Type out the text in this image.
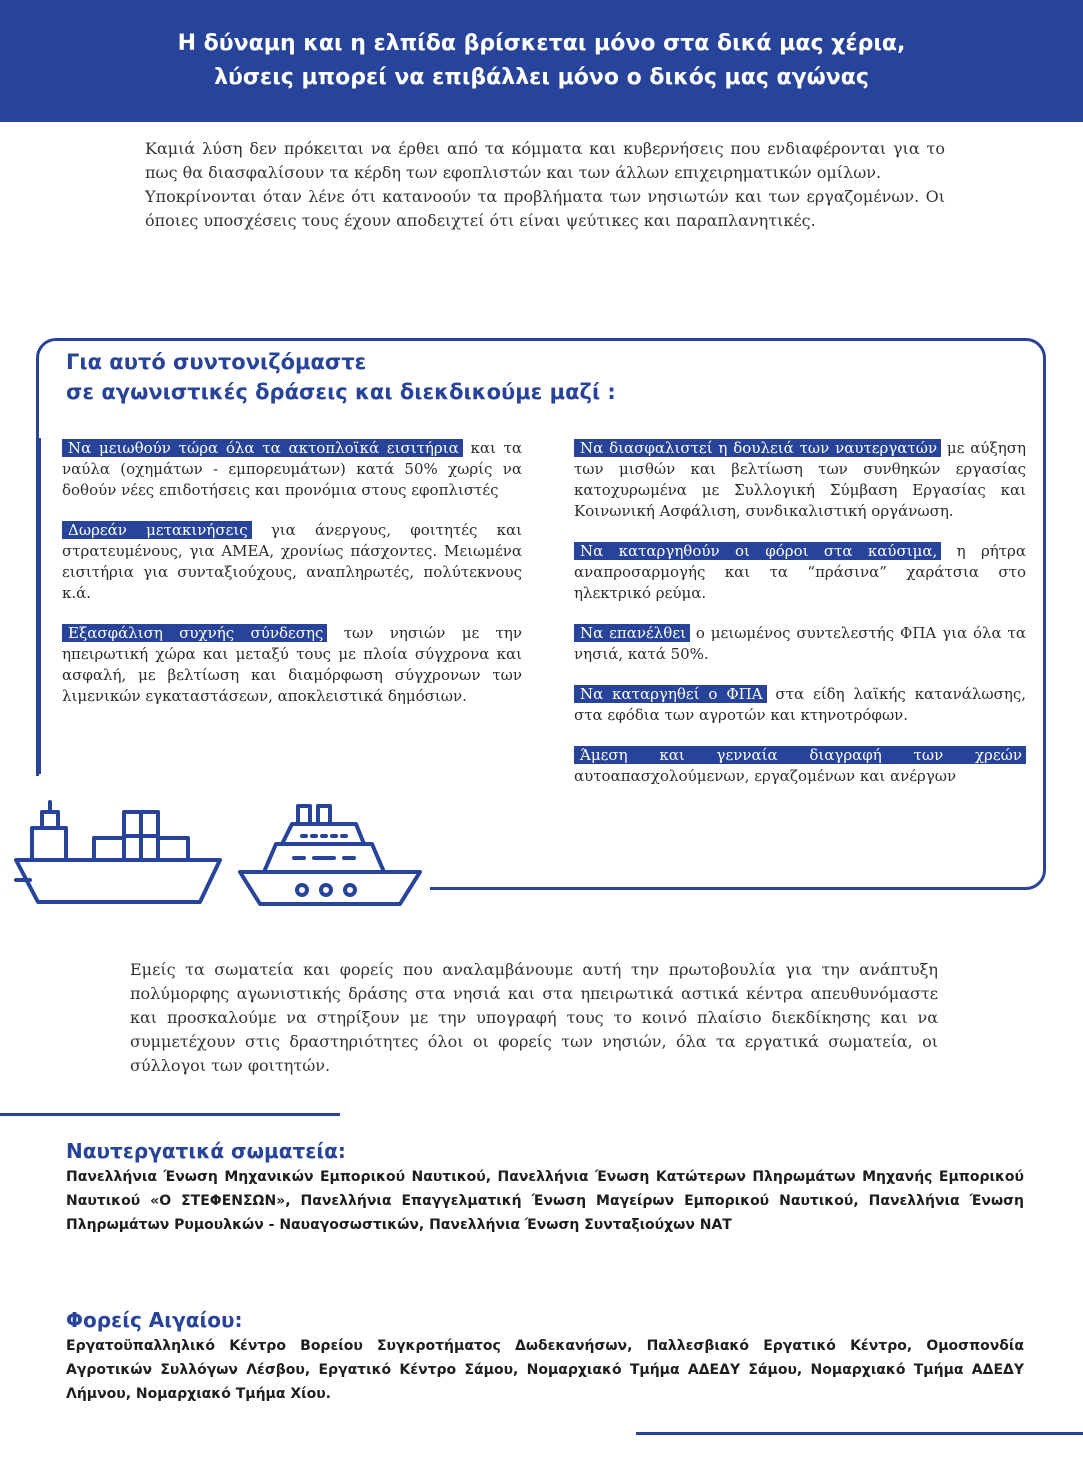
Η δύναμη και η ελπίδα βρίσκεται μόνο στα δικά μας χέρια,
λύσεις μπορεί να επιβάλλει μόνο ο δικός μας αγώνας

Καμιά λύση δεν πρόκειται να έρθει από τα κόμματα και κυβερνήσεις που ενδιαφέρονται για το πως θα διασφαλίσουν τα κέρδη των εφοπλιστών και των άλλων επιχειρηματικών ομίλων.

Υποκρίνονται όταν λένε ότι κατανοούν τα προβλήματα των νησιωτών και των εργαζομένων. Οι όποιες υποσχέσεις τους έχουν αποδειχτεί ότι είναι ψεύτικες και παραπλανητικές.

Για αυτό συντονιζόμαστε
σε αγωνιστικές δράσεις και διεκδικούμε μαζί :

Να μειωθούν τώρα όλα τα ακτοπλοϊκά εισιτήρια και τα ναύλα (οχημάτων - εμπορευμάτων) κατά 50% χωρίς να δοθούν νέες επιδοτήσεις και προνόμια στους εφοπλιστές

Δωρεάν μετακινήσεις για άνεργους, φοιτητές και στρατευμένους, για ΑΜΕΑ, χρονίως πάσχοντες. Μειωμένα εισιτήρια για συνταξιούχους, αναπληρωτές, πολύτεκνους κ.ά.

Εξασφάλιση συχνής σύνδεσης των νησιών με την ηπειρωτική χώρα και μεταξύ τους με πλοία σύγχρονα και ασφαλή, με βελτίωση και διαμόρφωση σύγχρονων των λιμενικών εγκαταστάσεων, αποκλειστικά δημόσιων.

Να διασφαλιστεί η δουλειά των ναυτεργατών με αύξηση των μισθών και βελτίωση των συνθηκών εργασίας κατοχυρωμένα με Συλλογική Σύμβαση Εργασίας και Κοινωνική Ασφάλιση, συνδικαλιστική οργάνωση.

Να καταργηθούν οι φόροι στα καύσιμα, η ρήτρα αναπροσαρμογής και τα “πράσινα” χαράτσια στο ηλεκτρικό ρεύμα.

Να επανέλθει ο μειωμένος συντελεστής ΦΠΑ για όλα τα νησιά, κατά 50%.

Να καταργηθεί ο ΦΠΑ στα είδη λαϊκής κατανάλωσης, στα εφόδια των αγροτών και κτηνοτρόφων.

Άμεση και γενναία διαγραφή των χρεών αυτοαπασχολούμενων, εργαζομένων και ανέργων

Εμείς τα σωματεία και φορείς που αναλαμβάνουμε αυτή την πρωτοβουλία για την ανάπτυξη πολύμορφης αγωνιστικής δράσης στα νησιά και στα ηπειρωτικά αστικά κέντρα απευθυνόμαστε και προσκαλούμε να στηρίξουν με την υπογραφή τους το κοινό πλαίσιο διεκδίκησης και να συμμετέχουν στις δραστηριότητες όλοι οι φορείς των νησιών, όλα τα εργατικά σωματεία, οι σύλλογοι των φοιτητών.
Ναυτεργατικά σωματεία:
Πανελλήνια Ένωση Μηχανικών Εμπορικού Ναυτικού, Πανελλήνια Ένωση Κατώτερων Πληρωμάτων Μηχανής Εμπορικού Ναυτικού «Ο ΣΤΕΦΕΝΣΩΝ», Πανελλήνια Επαγγελματική Ένωση Μαγείρων Εμπορικού Ναυτικού, Πανελλήνια Ένωση Πληρωμάτων Ρυμουλκών - Ναυαγοσωστικών, Πανελλήνια Ένωση Συνταξιούχων ΝΑΤ
Φορείς Αιγαίου:
Εργατοϋπαλληλικό Κέντρο Βορείου Συγκροτήματος Δωδεκανήσων, Παλλεσβιακό Εργατικό Κέντρο, Ομοσπονδία Αγροτικών Συλλόγων Λέσβου, Εργατικό Κέντρο Σάμου, Νομαρχιακό Τμήμα ΑΔΕΔΥ Σάμου, Νομαρχιακό Τμήμα ΑΔΕΔΥ Λήμνου, Νομαρχιακό Τμήμα Χίου.
